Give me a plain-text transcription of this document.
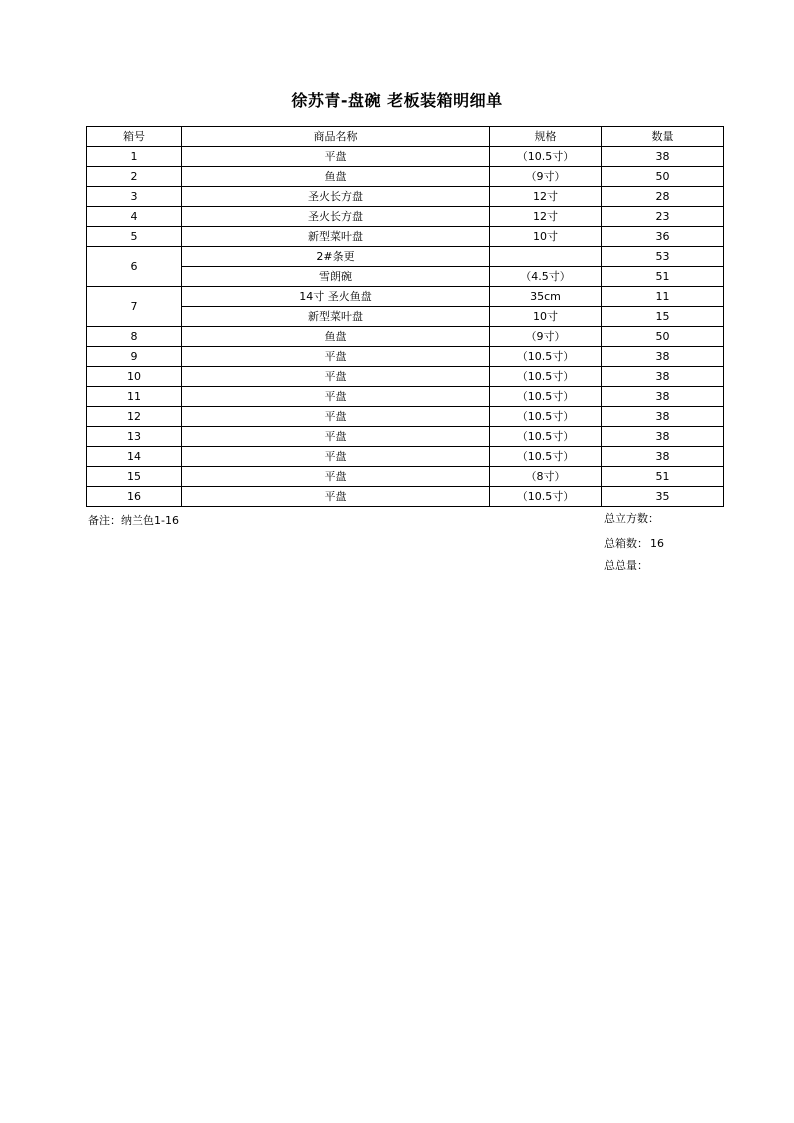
徐苏青-盘碗 老板装箱明细单
箱号	商品名称	规格	数量
1	平盘	（10.5寸）	38
2	鱼盘	（9寸）	50
3	圣火长方盘	12寸	28
4	圣火长方盘	12寸	23
5	新型菜叶盘	10寸	36
6	2#条更		53
	雪朗碗	（4.5寸）	51
7	14寸 圣火鱼盘	35cm	11
	新型菜叶盘	10寸	15
8	鱼盘	（9寸）	50
9	平盘	（10.5寸）	38
10	平盘	（10.5寸）	38
11	平盘	（10.5寸）	38
12	平盘	（10.5寸）	38
13	平盘	（10.5寸）	38
14	平盘	（10.5寸）	38
15	平盘	（8寸）	51
16	平盘	（10.5寸）	35
备注：纳兰色1-16	总立方数：
总箱数： 16
总总量：
